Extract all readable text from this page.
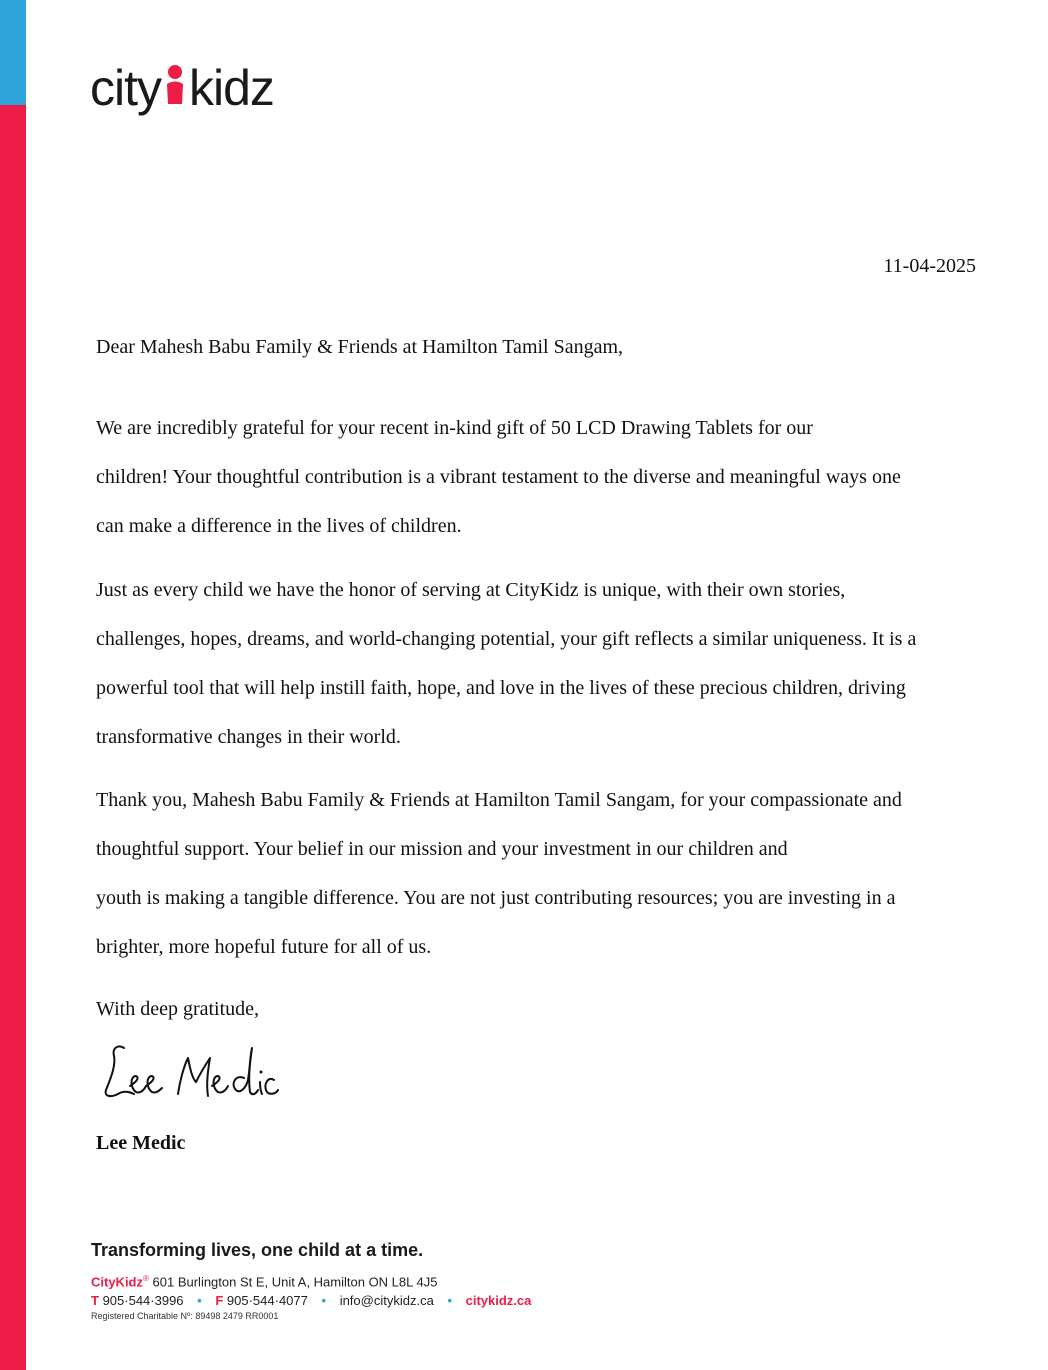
city kidz
11-04-2025
Dear Mahesh Babu Family & Friends at Hamilton Tamil Sangam,

We are incredibly grateful for your recent in-kind gift of 50 LCD Drawing Tablets for our
children! Your thoughtful contribution is a vibrant testament to the diverse and meaningful ways one
can make a difference in the lives of children.

Just as every child we have the honor of serving at CityKidz is unique, with their own stories,
challenges, hopes, dreams, and world-changing potential, your gift reflects a similar uniqueness. It is a
powerful tool that will help instill faith, hope, and love in the lives of these precious children, driving
transformative changes in their world.

Thank you, Mahesh Babu Family & Friends at Hamilton Tamil Sangam, for your compassionate and
thoughtful support. Your belief in our mission and your investment in our children and
youth is making a tangible difference. You are not just contributing resources; you are investing in a
brighter, more hopeful future for all of us.

With deep gratitude,
Lee Medic
Transforming lives, one child at a time.
CityKidz® 601 Burlington St E, Unit A, Hamilton ON L8L 4J5
T 905·544·3996 • F 905·544·4077 • info@citykidz.ca • citykidz.ca
Registered Charitable Nº: 89498 2479 RR0001
